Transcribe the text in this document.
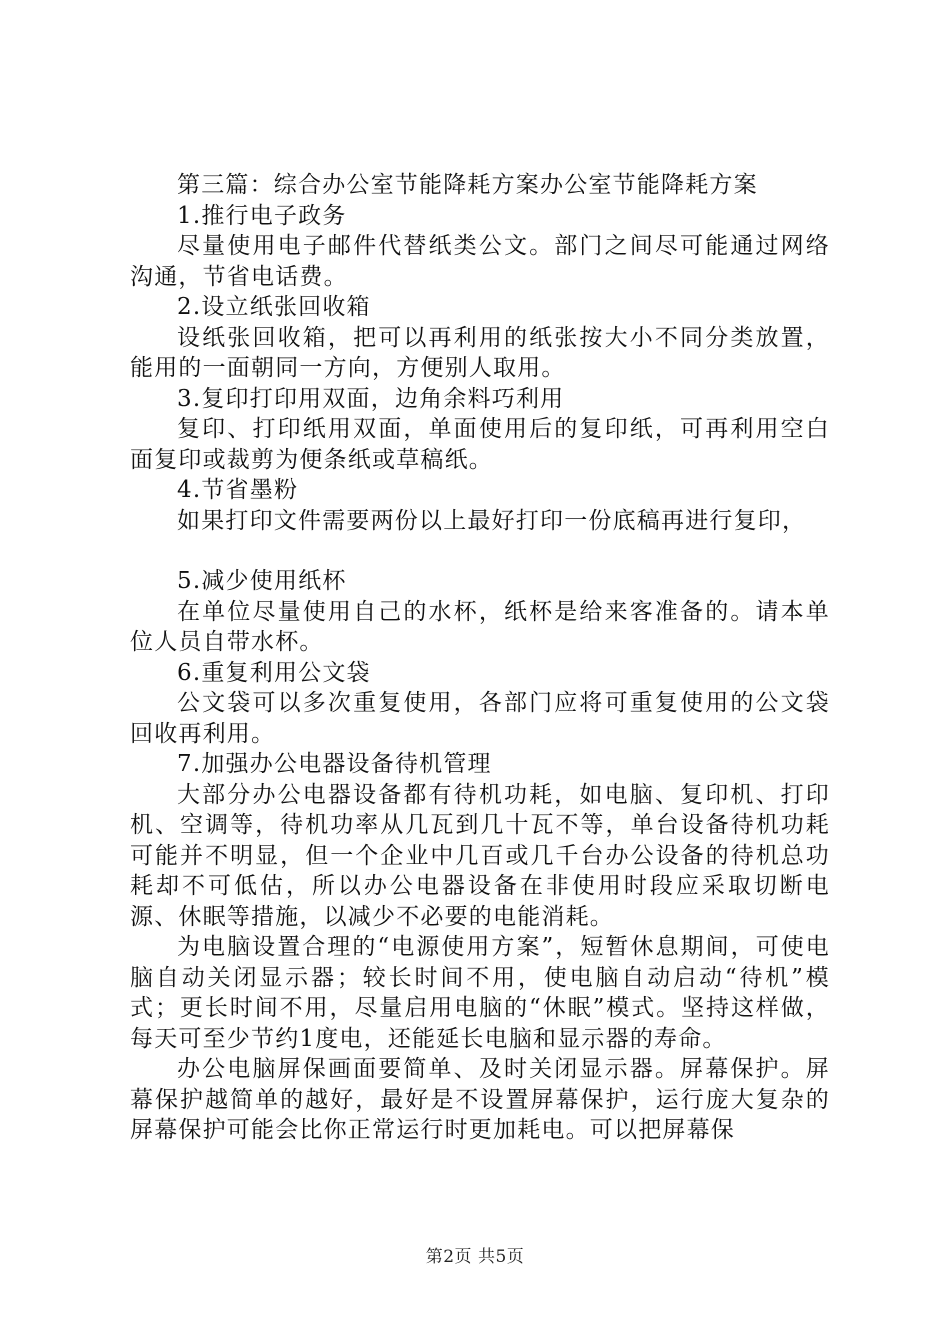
第三篇：综合办公室节能降耗方案办公室节能降耗方案

1.推行电子政务

尽量使用电子邮件代替纸类公文。部门之间尽可能通过网络沟通，节省电话费。

2.设立纸张回收箱

设纸张回收箱，把可以再利用的纸张按大小不同分类放置，能用的一面朝同一方向，方便别人取用。

3.复印打印用双面，边角余料巧利用

复印、打印纸用双面，单面使用后的复印纸，可再利用空白面复印或裁剪为便条纸或草稿纸。

4.节省墨粉

如果打印文件需要两份以上最好打印一份底稿再进行复印，

5.减少使用纸杯

在单位尽量使用自己的水杯，纸杯是给来客准备的。请本单位人员自带水杯。

6.重复利用公文袋

公文袋可以多次重复使用，各部门应将可重复使用的公文袋回收再利用。

7.加强办公电器设备待机管理

大部分办公电器设备都有待机功耗，如电脑、复印机、打印机、空调等，待机功率从几瓦到几十瓦不等，单台设备待机功耗可能并不明显，但一个企业中几百或几千台办公设备的待机总功耗却不可低估，所以办公电器设备在非使用时段应采取切断电源、休眠等措施，以减少不必要的电能消耗。

为电脑设置合理的“电源使用方案”，短暂休息期间，可使电脑自动关闭显示器；较长时间不用，使电脑自动启动“待机”模式；更长时间不用，尽量启用电脑的“休眠”模式。坚持这样做，每天可至少节约1度电，还能延长电脑和显示器的寿命。

办公电脑屏保画面要简单、及时关闭显示器。屏幕保护。屏幕保护越简单的越好，最好是不设置屏幕保护，运行庞大复杂的屏幕保护可能会比你正常运行时更加耗电。可以把屏幕保

第2页 共5页
